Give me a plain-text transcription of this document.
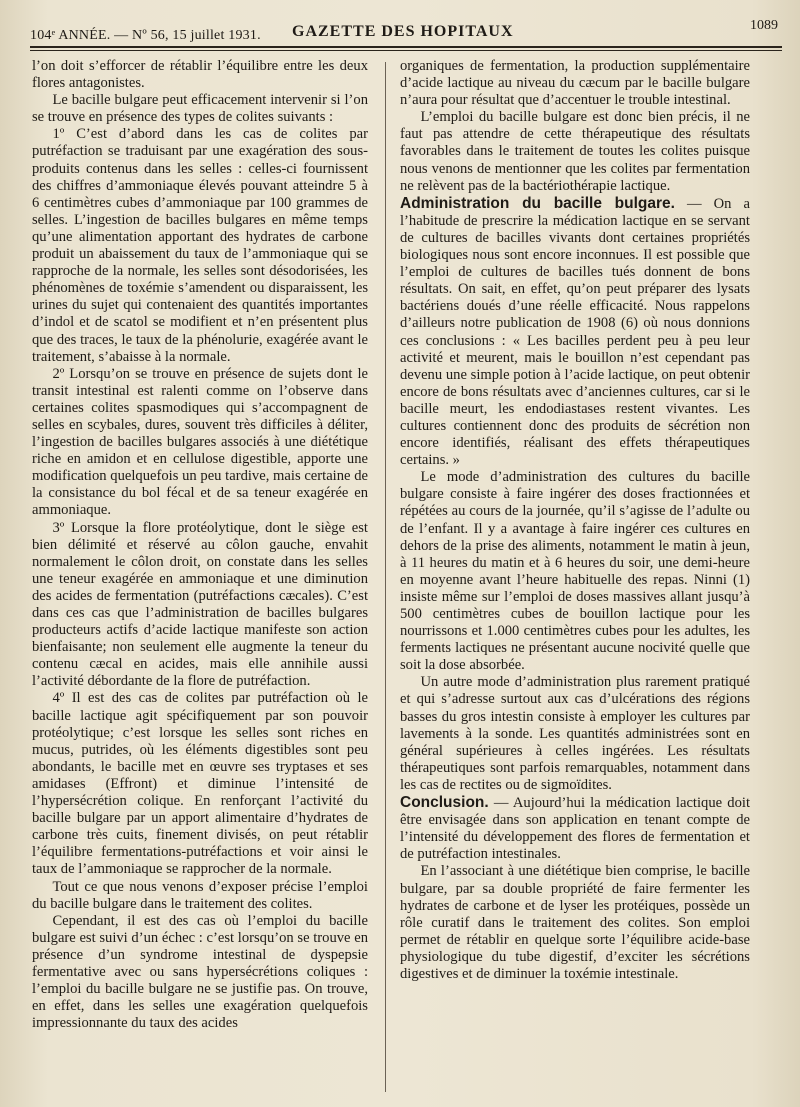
104ᵉ ANNÉE. — Nº 56, 15 juillet 1931. GAZETTE DES HOPITAUX	1089

l’on doit s’efforcer de rétablir l’équilibre entre les deux flores antagonistes.

Le bacille bulgare peut efficacement intervenir si l’on se trouve en présence des types de colites suivants :

1º C’est d’abord dans les cas de colites par putréfaction se traduisant par une exagération des sous-produits contenus dans les selles : celles-ci fournissent des chiffres d’ammoniaque élevés pouvant atteindre 5 à 6 centimètres cubes d’ammoniaque par 100 grammes de selles. L’ingestion de bacilles bulgares en même temps qu’une alimentation apportant des hydrates de carbone produit un abaissement du taux de l’ammoniaque qui se rapproche de la normale, les selles sont désodorisées, les phénomènes de toxémie s’amendent ou disparaissent, les urines du sujet qui contenaient des quantités importantes d’indol et de scatol se modifient et n’en présentent plus que des traces, le taux de la phénolurie, exagérée avant le traitement, s’abaisse à la normale.

2º Lorsqu’on se trouve en présence de sujets dont le transit intestinal est ralenti comme on l’observe dans certaines colites spasmodiques qui s’accompagnent de selles en scybales, dures, souvent très difficiles à déliter, l’ingestion de bacilles bulgares associés à une diététique riche en amidon et en cellulose digestible, apporte une modification quelquefois un peu tardive, mais certaine de la consistance du bol fécal et de sa teneur exagérée en ammoniaque.

3º Lorsque la flore protéolytique, dont le siège est bien délimité et réservé au côlon gauche, envahit normalement le côlon droit, on constate dans les selles une teneur exagérée en ammoniaque et une diminution des acides de fermentation (putréfactions cæcales). C’est dans ces cas que l’administration de bacilles bulgares producteurs actifs d’acide lactique manifeste son action bienfaisante; non seulement elle augmente la teneur du contenu cæcal en acides, mais elle annihile aussi l’activité débordante de la flore de putréfaction.

4º Il est des cas de colites par putréfaction où le bacille lactique agit spécifiquement par son pouvoir protéolytique; c’est lorsque les selles sont riches en mucus, putrides, où les éléments digestibles sont peu abondants, le bacille met en œuvre ses tryptases et ses amidases (Effront) et diminue l’intensité de l’hypersécrétion colique. En renforçant l’activité du bacille bulgare par un apport alimentaire d’hydrates de carbone très cuits, finement divisés, on peut rétablir l’équilibre fermentations-putréfactions et voir ainsi le taux de l’ammoniaque se rapprocher de la normale.

Tout ce que nous venons d’exposer précise l’emploi du bacille bulgare dans le traitement des colites.

Cependant, il est des cas où l’emploi du bacille bulgare est suivi d’un échec : c’est lorsqu’on se trouve en présence d’un syndrome intestinal de dyspepsie fermentative avec ou sans hypersécrétions coliques : l’emploi du bacille bulgare ne se justifie pas. On trouve, en effet, dans les selles une exagération quelquefois impressionnante du taux des acides

organiques de fermentation, la production supplémentaire d’acide lactique au niveau du cæcum par le bacille bulgare n’aura pour résultat que d’accentuer le trouble intestinal.

L’emploi du bacille bulgare est donc bien précis, il ne faut pas attendre de cette thérapeutique des résultats favorables dans le traitement de toutes les colites puisque nous venons de mentionner que les colites par fermentation ne relèvent pas de la bactériothérapie lactique.

Administration du bacille bulgare. — On a l’habitude de prescrire la médication lactique en se servant de cultures de bacilles vivants dont certaines propriétés biologiques nous sont encore inconnues. Il est possible que l’emploi de cultures de bacilles tués donnent de bons résultats. On sait, en effet, qu’on peut préparer des lysats bactériens doués d’une réelle efficacité. Nous rappelons d’ailleurs notre publication de 1908 (6) où nous donnions ces conclusions : « Les bacilles perdent peu à peu leur activité et meurent, mais le bouillon n’est cependant pas devenu une simple potion à l’acide lactique, on peut obtenir encore de bons résultats avec d’anciennes cultures, car si le bacille meurt, les endodiastases restent vivantes. Les cultures contiennent donc des produits de sécrétion non encore identifiés, réalisant des effets thérapeutiques certains. »

Le mode d’administration des cultures du bacille bulgare consiste à faire ingérer des doses fractionnées et répétées au cours de la journée, qu’il s’agisse de l’adulte ou de l’enfant. Il y a avantage à faire ingérer ces cultures en dehors de la prise des aliments, notamment le matin à jeun, à 11 heures du matin et à 6 heures du soir, une demi-heure en moyenne avant l’heure habituelle des repas. Ninni (1) insiste même sur l’emploi de doses massives allant jusqu’à 500 centimètres cubes de bouillon lactique pour les nourrissons et 1.000 centimètres cubes pour les adultes, les ferments lactiques ne présentant aucune nocivité quelle que soit la dose absorbée.

Un autre mode d’administration plus rarement pratiqué et qui s’adresse surtout aux cas d’ulcérations des régions basses du gros intestin consiste à employer les cultures par lavements à la sonde. Les quantités administrées sont en général supérieures à celles ingérées. Les résultats thérapeutiques sont parfois remarquables, notamment dans les cas de rectites ou de sigmoïdites.

Conclusion. — Aujourd’hui la médication lactique doit être envisagée dans son application en tenant compte de l’intensité du développement des flores de fermentation et de putréfaction intestinales.

En l’associant à une diététique bien comprise, le bacille bulgare, par sa double propriété de faire fermenter les hydrates de carbone et de lyser les protéiques, possède un rôle curatif dans le traitement des colites. Son emploi permet de rétablir en quelque sorte l’équilibre acide-base physiologique du tube digestif, d’exciter les sécrétions digestives et de diminuer la toxémie intestinale.
